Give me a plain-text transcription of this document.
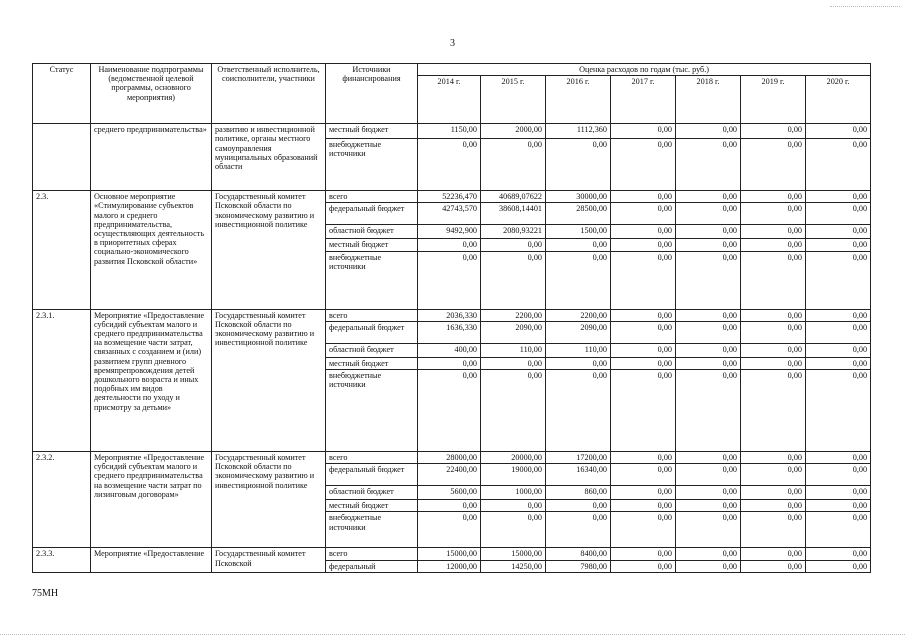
3
Статус	Наименование подпрограммы (ведомственной целевой программы, основного мероприятия)	Ответственный исполнитель, соисполнители, участники	Источники финансирования	Оценка расходов по годам (тыс. руб.)						
				2014 г.	2015 г.	2016 г.	2017 г.	2018 г.	2019 г.	2020 г.
	среднего предпринимательства»	развитию и инвестиционной политике, органы местного самоуправления муниципальных образований области	местный бюджет	1150,00	2000,00	1112,360	0,00	0,00	0,00	0,00
			внебюджетные источники	0,00	0,00	0,00	0,00	0,00	0,00	0,00
2.3.	Основное мероприятие «Стимулирование субъектов малого и среднего предпринимательства, осуществляющих деятельность в приоритетных сферах социально-экономического развития Псковской области»	Государственный комитет Псковской области по экономическому развитию и инвестиционной политике	всего	52236,470	40689,07622	30000,00	0,00	0,00	0,00	0,00
			федеральный бюджет	42743,570	38608,14401	28500,00	0,00	0,00	0,00	0,00
			областной бюджет	9492,900	2080,93221	1500,00	0,00	0,00	0,00	0,00
			местный бюджет	0,00	0,00	0,00	0,00	0,00	0,00	0,00
			внебюджетные источники	0,00	0,00	0,00	0,00	0,00	0,00	0,00
2.3.1.	Мероприятие «Предоставление субсидий субъектам малого и среднего предпринимательства на возмещение части затрат, связанных с созданием и (или) развитием групп дневного времяпрепровождения детей дошкольного возраста и иных подобных им видов деятельности по уходу и присмотру за детьми»	Государственный комитет Псковской области по экономическому развитию и инвестиционной политике	всего	2036,330	2200,00	2200,00	0,00	0,00	0,00	0,00
			федеральный бюджет	1636,330	2090,00	2090,00	0,00	0,00	0,00	0,00
			областной бюджет	400,00	110,00	110,00	0,00	0,00	0,00	0,00
			местный бюджет	0,00	0,00	0,00	0,00	0,00	0,00	0,00
			внебюджетные источники	0,00	0,00	0,00	0,00	0,00	0,00	0,00
2.3.2.	Мероприятие «Предоставление субсидий субъектам малого и среднего предпринимательства на возмещение части затрат по лизинговым договорам»	Государственный комитет Псковской области по экономическому развитию и инвестиционной политике	всего	28000,00	20000,00	17200,00	0,00	0,00	0,00	0,00
			федеральный бюджет	22400,00	19000,00	16340,00	0,00	0,00	0,00	0,00
			областной бюджет	5600,00	1000,00	860,00	0,00	0,00	0,00	0,00
			местный бюджет	0,00	0,00	0,00	0,00	0,00	0,00	0,00
			внебюджетные источники	0,00	0,00	0,00	0,00	0,00	0,00	0,00
2.3.3.	Мероприятие «Предоставление	Государственный комитет Псковской	всего	15000,00	15000,00	8400,00	0,00	0,00	0,00	0,00
			федеральный	12000,00	14250,00	7980,00	0,00	0,00	0,00	0,00
75МН
